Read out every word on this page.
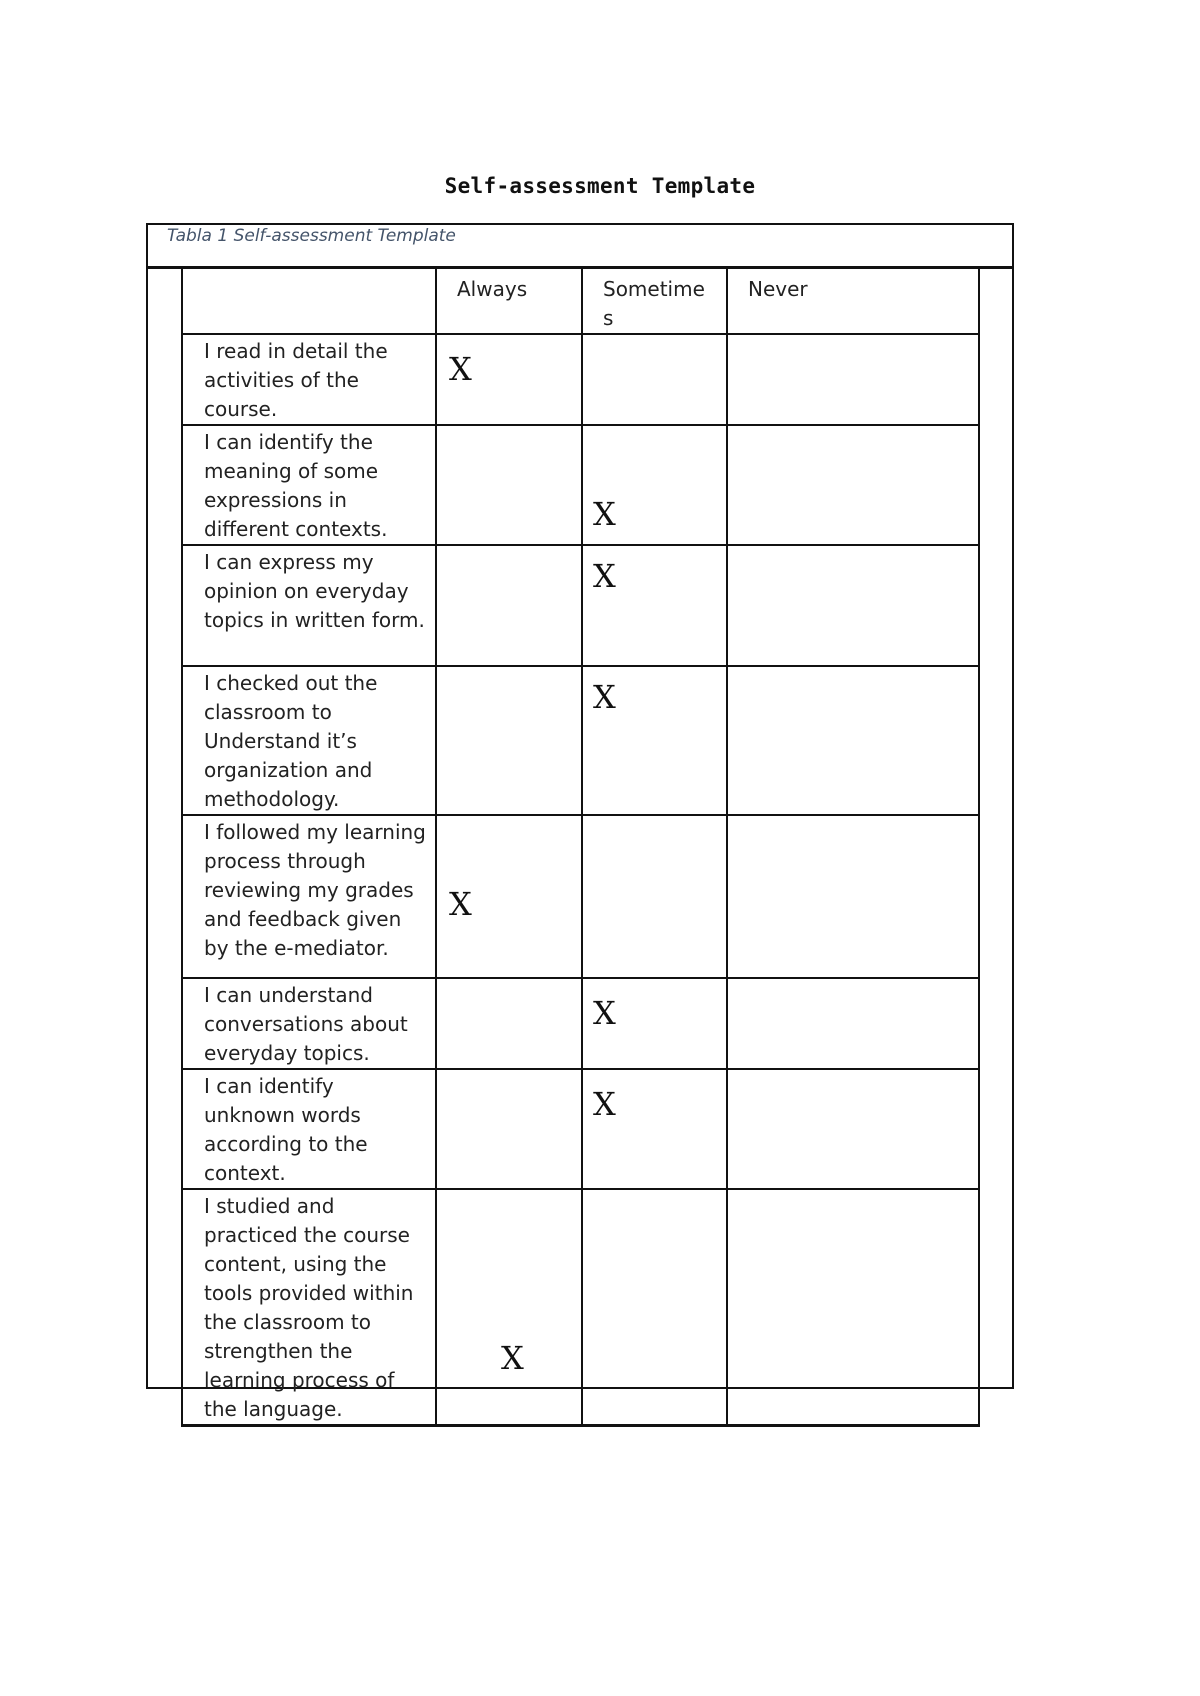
Self-assessment Template
Tabla 1 Self-assessment Template
	Always	Sometime s	Never
I read in detail the activities of the course.	X		

I can identify the meaning of some expressions in different contexts.		X	

I can express my opinion on everyday topics in written form.		X	

I checked out the classroom to Understand it’s organization and methodology.		X	

I followed my learning process through reviewing my grades and feedback given by the e-mediator.	X		

I can understand conversations about everyday topics.		X	

I can identify unknown words according to the context.		X	

I studied and practiced the course content, using the tools provided within the classroom to strengthen the learning process of the language.	X		
